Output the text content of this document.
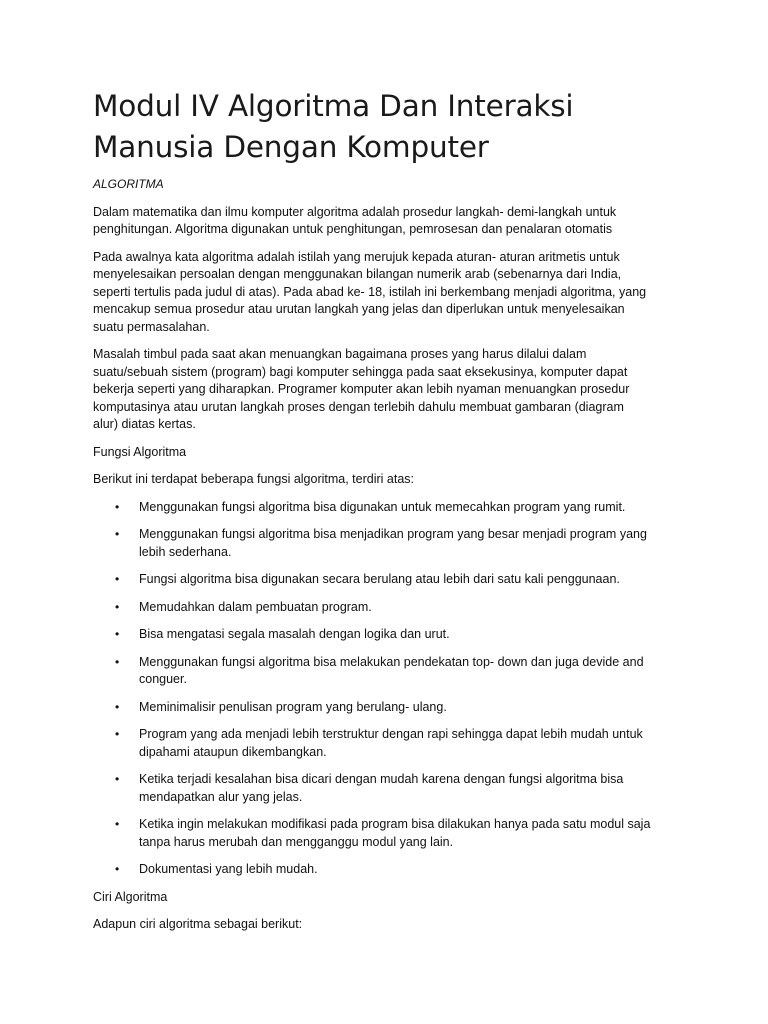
Modul IV Algoritma Dan Interaksi
Manusia Dengan Komputer

ALGORITMA

Dalam matematika dan ilmu komputer algoritma adalah prosedur langkah- demi-langkah untuk
penghitungan. Algoritma digunakan untuk penghitungan, pemrosesan dan penalaran otomatis

Pada awalnya kata algoritma adalah istilah yang merujuk kepada aturan- aturan aritmetis untuk
menyelesaikan persoalan dengan menggunakan bilangan numerik arab (sebenarnya dari India,
seperti tertulis pada judul di atas). Pada abad ke- 18, istilah ini berkembang menjadi algoritma, yang
mencakup semua prosedur atau urutan langkah yang jelas dan diperlukan untuk menyelesaikan
suatu permasalahan.

Masalah timbul pada saat akan menuangkan bagaimana proses yang harus dilalui dalam
suatu/sebuah sistem (program) bagi komputer sehingga pada saat eksekusinya, komputer dapat
bekerja seperti yang diharapkan. Programer komputer akan lebih nyaman menuangkan prosedur
komputasinya atau urutan langkah proses dengan terlebih dahulu membuat gambaran (diagram
alur) diatas kertas.

Fungsi Algoritma

Berikut ini terdapat beberapa fungsi algoritma, terdiri atas:

• Menggunakan fungsi algoritma bisa digunakan untuk memecahkan program yang rumit.
• Menggunakan fungsi algoritma bisa menjadikan program yang besar menjadi program yang
lebih sederhana.
• Fungsi algoritma bisa digunakan secara berulang atau lebih dari satu kali penggunaan.
• Memudahkan dalam pembuatan program.
• Bisa mengatasi segala masalah dengan logika dan urut.
• Menggunakan fungsi algoritma bisa melakukan pendekatan top- down dan juga devide and
conguer.
• Meminimalisir penulisan program yang berulang- ulang.
• Program yang ada menjadi lebih terstruktur dengan rapi sehingga dapat lebih mudah untuk
dipahami ataupun dikembangkan.
• Ketika terjadi kesalahan bisa dicari dengan mudah karena dengan fungsi algoritma bisa
mendapatkan alur yang jelas.
• Ketika ingin melakukan modifikasi pada program bisa dilakukan hanya pada satu modul saja
tanpa harus merubah dan mengganggu modul yang lain.
• Dokumentasi yang lebih mudah.

Ciri Algoritma

Adapun ciri algoritma sebagai berikut:
